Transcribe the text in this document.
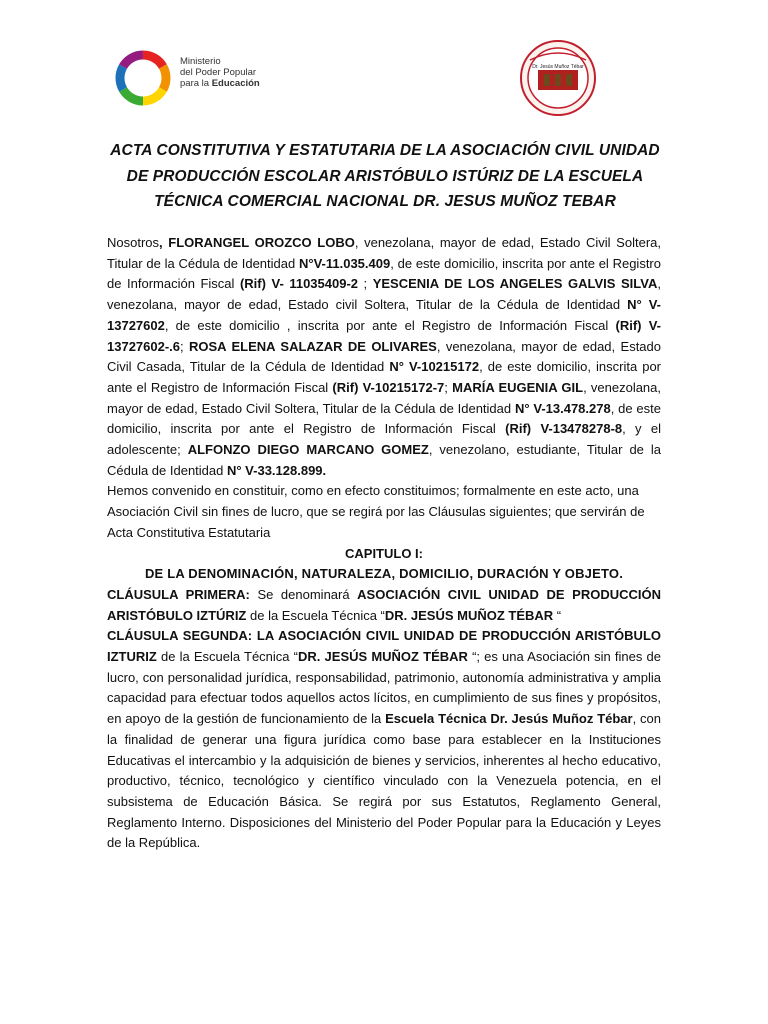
Ministerio
del Poder Popular
para la Educación
Dr. Jesús Muñoz Tébar
ACTA CONSTITUTIVA Y ESTATUTARIA DE LA ASOCIACIÓN CIVIL UNIDAD DE PRODUCCIÓN ESCOLAR ARISTÓBULO ISTÚRIZ DE LA ESCUELA TÉCNICA COMERCIAL NACIONAL DR. JESUS MUÑOZ TEBAR

Nosotros, FLORANGEL OROZCO LOBO, venezolana, mayor de edad, Estado Civil Soltera, Titular de la Cédula de Identidad N°V-11.035.409, de este domicilio, inscrita por ante el Registro de Información Fiscal (Rif) V- 11035409-2 ; YESCENIA DE LOS ANGELES GALVIS SILVA, venezolana, mayor de edad, Estado civil Soltera, Titular de la Cédula de Identidad N° V-13727602, de este domicilio , inscrita por ante el Registro de Información Fiscal (Rif) V- 13727602-.6; ROSA ELENA SALAZAR DE OLIVARES, venezolana, mayor de edad, Estado Civil Casada, Titular de la Cédula de Identidad N° V-10215172, de este domicilio, inscrita por ante el Registro de Información Fiscal (Rif) V-10215172-7; MARÍA EUGENIA GIL, venezolana, mayor de edad, Estado Civil Soltera, Titular de la Cédula de Identidad N° V-13.478.278, de este domicilio, inscrita por ante el Registro de Información Fiscal (Rif) V-13478278-8, y el adolescente; ALFONZO DIEGO MARCANO GOMEZ, venezolano, estudiante, Titular de la Cédula de Identidad N° V-33.128.899.

Hemos convenido en constituir, como en efecto constituimos; formalmente en este acto, una Asociación Civil sin fines de lucro, que se regirá por las Cláusulas siguientes; que servirán de Acta Constitutiva Estatutaria

CAPITULO I:

DE LA DENOMINACIÓN, NATURALEZA, DOMICILIO, DURACIÓN Y OBJETO.

CLÁUSULA PRIMERA: Se denominará ASOCIACIÓN CIVIL UNIDAD DE PRODUCCIÓN ARISTÓBULO IZTÚRIZ de la Escuela Técnica “DR. JESÚS MUÑOZ TÉBAR “

CLÁUSULA SEGUNDA: LA ASOCIACIÓN CIVIL UNIDAD DE PRODUCCIÓN ARISTÓBULO IZTURIZ de la Escuela Técnica “DR. JESÚS MUÑOZ TÉBAR “; es una Asociación sin fines de lucro, con personalidad jurídica, responsabilidad, patrimonio, autonomía administrativa y amplia capacidad para efectuar todos aquellos actos lícitos, en cumplimiento de sus fines y propósitos, en apoyo de la gestión de funcionamiento de la Escuela Técnica Dr. Jesús Muñoz Tébar, con la finalidad de generar una figura jurídica como base para establecer en la Instituciones Educativas el intercambio y la adquisición de bienes y servicios, inherentes al hecho educativo, productivo, técnico, tecnológico y científico vinculado con la Venezuela potencia, en el subsistema de Educación Básica. Se regirá por sus Estatutos, Reglamento General, Reglamento Interno. Disposiciones del Ministerio del Poder Popular para la Educación y Leyes de la República.
